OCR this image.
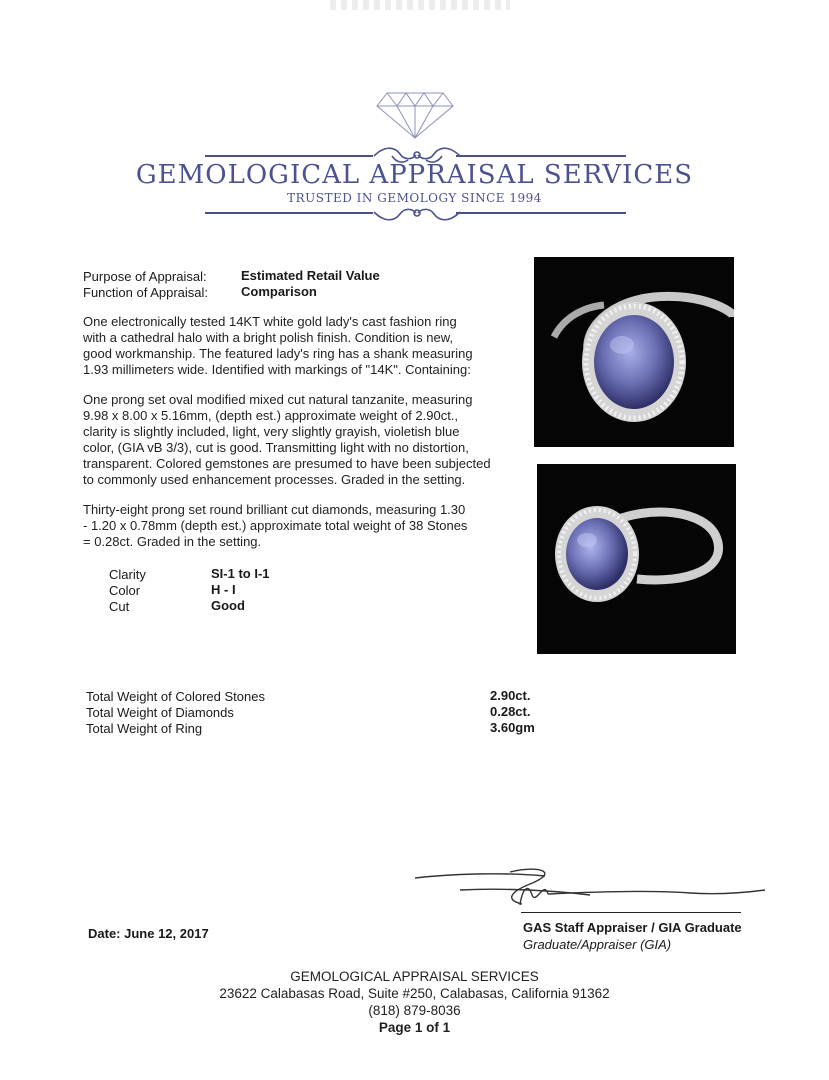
GEMOLOGICAL APPRAISAL SERVICES
TRUSTED IN GEMOLOGY SINCE 1994
Purpose of Appraisal:	Estimated Retail Value
Function of Appraisal:	Comparison
One electronically tested 14KT white gold lady's cast fashion ring
with a cathedral halo with a bright polish finish. Condition is new,
good workmanship. The featured lady's ring has a shank measuring
1.93 millimeters wide. Identified with markings of "14K". Containing:
One prong set oval modified mixed cut natural tanzanite, measuring
9.98 x 8.00 x 5.16mm, (depth est.) approximate weight of 2.90ct.,
clarity is slightly included, light, very slightly grayish, violetish blue
color, (GIA vB 3/3), cut is good. Transmitting light with no distortion,
transparent. Colored gemstones are presumed to have been subjected
to commonly used enhancement processes. Graded in the setting.
Thirty-eight prong set round brilliant cut diamonds, measuring 1.30
- 1.20 x 0.78mm (depth est.) approximate total weight of 38 Stones
= 0.28ct. Graded in the setting.
Clarity	SI-1 to I-1
Color	H - I
Cut	Good
Total Weight of Colored Stones	2.90ct.
Total Weight of Diamonds	0.28ct.
Total Weight of Ring	3.60gm
Date: June 12, 2017	GAS Staff Appraiser / GIA Graduate
Graduate/Appraiser (GIA)
GEMOLOGICAL APPRAISAL SERVICES
23622 Calabasas Road, Suite #250, Calabasas, California 91362
(818) 879-8036
Page 1 of 1
